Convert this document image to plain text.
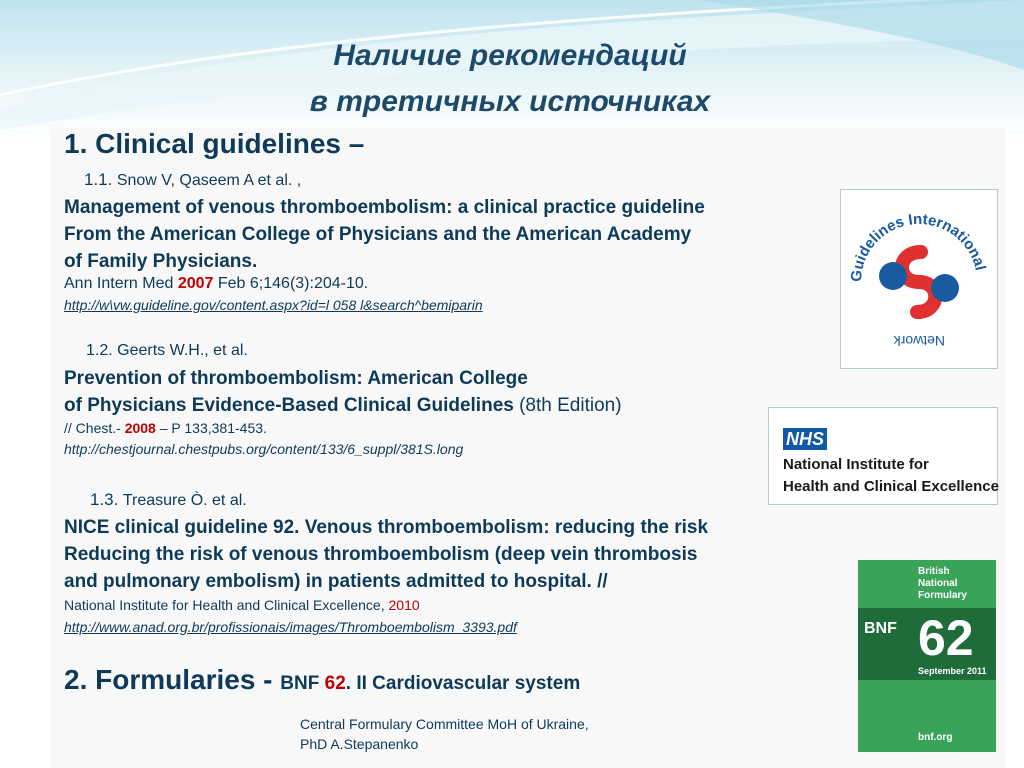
Наличие рекомендаций
в третичных источниках
1. Clinical guidelines –
1.1. Snow V, Qaseem A et al. ,
Management of venous thromboembolism: a clinical practice guideline
From the American College of Physicians and the American Academy
of Family Physicians.
Ann Intern Med 2007 Feb 6;146(3):204-10.
http://w\vw.guideline.gov/content.aspx?id=l 058 l&search^bemiparin
1.2. Geerts W.H., et al.
Prevention of thromboembolism: American College
of Physicians Evidence-Based Clinical Guidelines (8th Edition)
// Chest.- 2008 – P 133,381-453.
http://chestjournal.chestpubs.org/content/133/6_suppl/381S.long
1.3. Treasure Ò. et al.
NICE clinical guideline 92. Venous thromboembolism: reducing the risk
Reducing the risk of venous thromboembolism (deep vein thrombosis
and pulmonary embolism) in patients admitted to hospital. //
National Institute for Health and Clinical Excellence, 2010
http://www.anad.org.br/profissionais/images/Thromboembolism_3393.pdf
2. Formularies - BNF 62. II Cardiovascular system
Central Formulary Committee MoH of Ukraine,
PhD A.Stepanenko
Guidelines International
Network
NHS
National Institute for
Health and Clinical Excellence
British
National
Formulary
BNF 62
September 2011
bnf.org
